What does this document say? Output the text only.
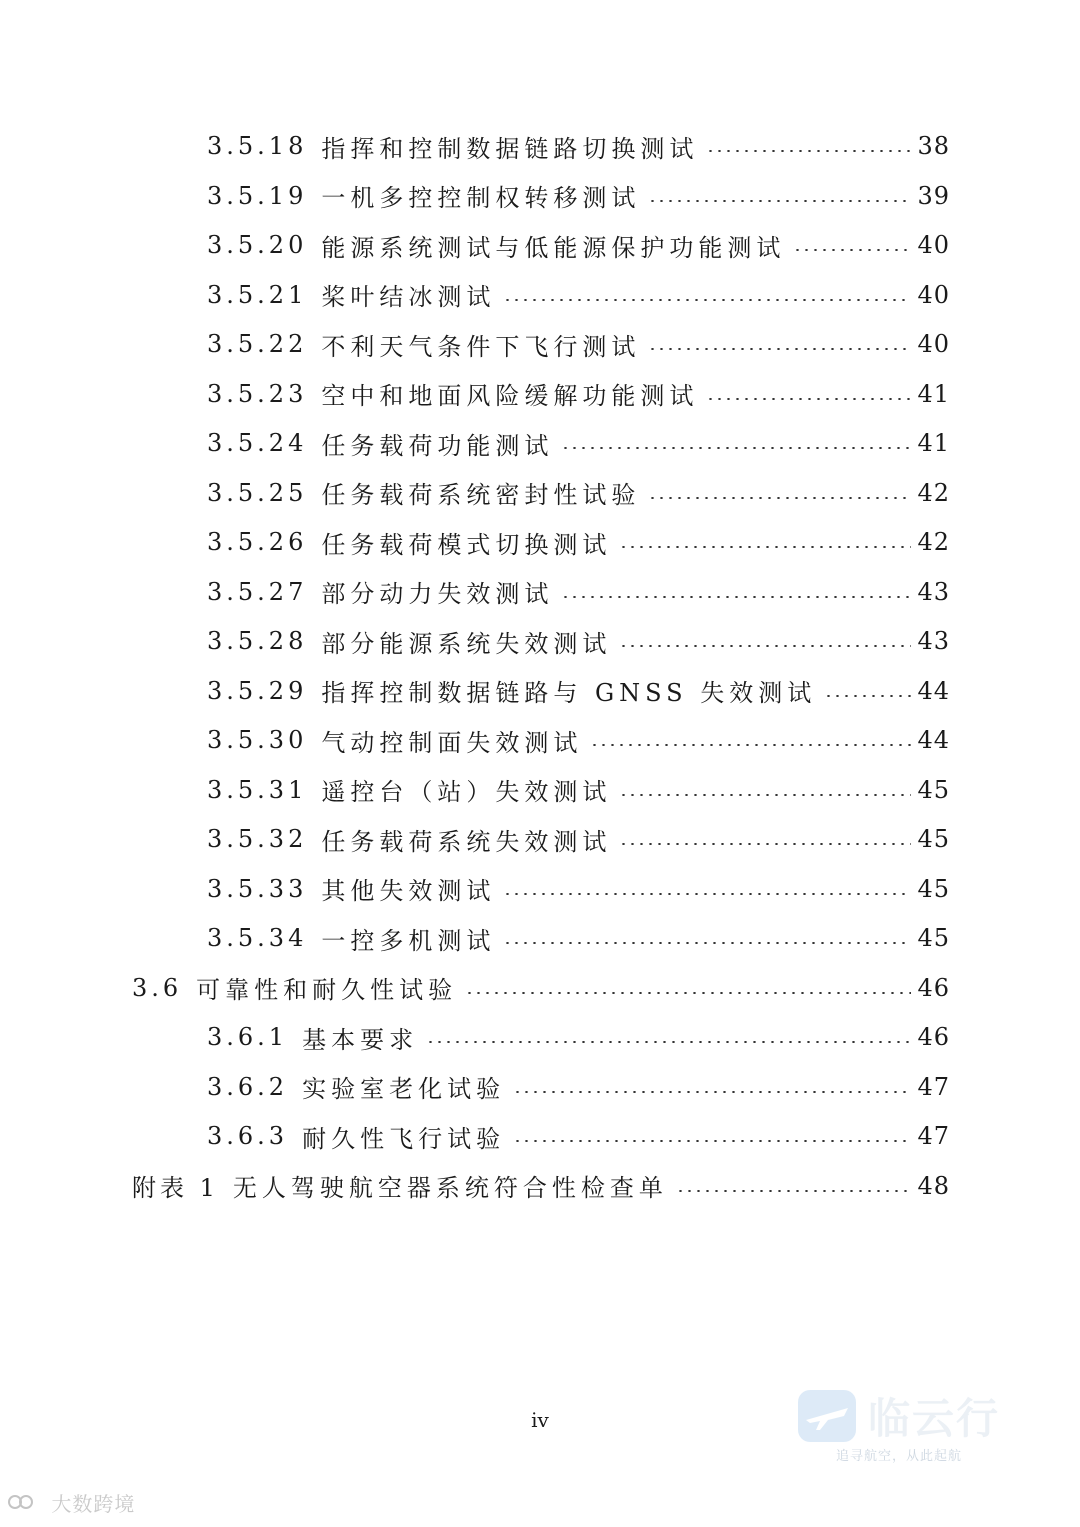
3.5.18 指挥和控制数据链路切换测试	38
3.5.19 一机多控控制权转移测试	39
3.5.20 能源系统测试与低能源保护功能测试	40
3.5.21 桨叶结冰测试	40
3.5.22 不利天气条件下飞行测试	40
3.5.23 空中和地面风险缓解功能测试	41
3.5.24 任务载荷功能测试	41
3.5.25 任务载荷系统密封性试验	42
3.5.26 任务载荷模式切换测试	42
3.5.27 部分动力失效测试	43
3.5.28 部分能源系统失效测试	43
3.5.29 指挥控制数据链路与 GNSS 失效测试	44
3.5.30 气动控制面失效测试	44
3.5.31 遥控台（站）失效测试	45
3.5.32 任务载荷系统失效测试	45
3.5.33 其他失效测试	45
3.5.34 一控多机测试	45
3.6 可靠性和耐久性试验	46
3.6.1 基本要求	46
3.6.2 实验室老化试验	47
3.6.3 耐久性飞行试验	47
附表 1 无人驾驶航空器系统符合性检查单	48
iv	临云行
追寻航空，从此起航
大数跨境
